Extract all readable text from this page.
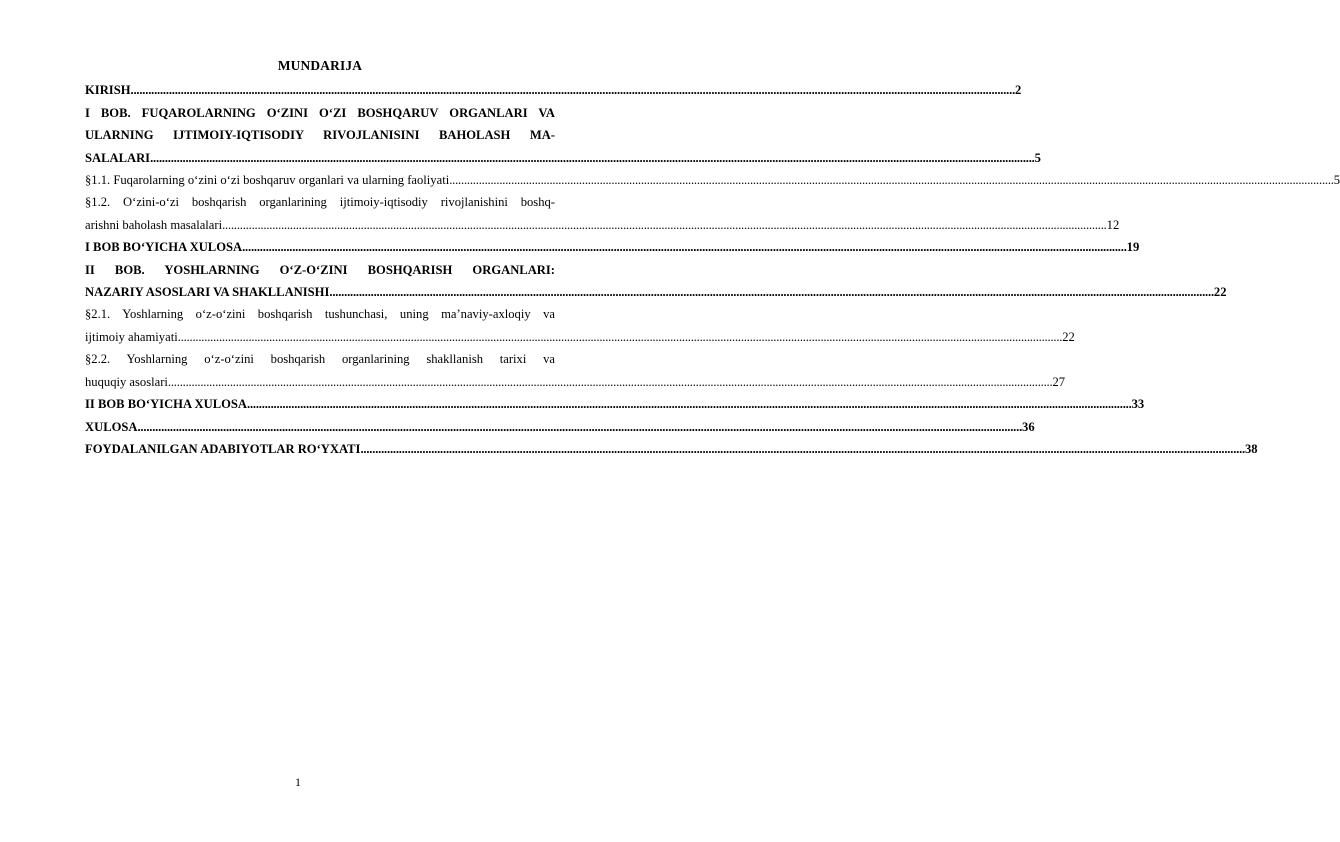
MUNDARIJA
KIRISH ............................................................................................................................................................................................................................................................................................................ 2
I BOB. FUQAROLARNING O‘ZINI O‘ZI BOSHQARUV ORGANLARI VA
ULARNING IJTIMOIY-IQTISODIY RIVOJLANISINI BAHOLASH MA-
SALALARI ............................................................................................................................................................................................................................................................................................................ 5
§1.1. Fuqarolarning o‘zini o‘zi boshqaruv organlari va ularning faoliyati ............................................................................................................................................................................................................................................................................................................ 5
§1.2. O‘zini-o‘zi boshqarish organlarining ijtimoiy-iqtisodiy rivojlanishini boshq-
arishni baholash masalalari ............................................................................................................................................................................................................................................................................................................ 12
I BOB BO‘YICHA XULOSA ............................................................................................................................................................................................................................................................................................................ 19
II BOB. YOSHLARNING O‘Z-O‘ZINI BOSHQARISH ORGANLARI:
NAZARIY ASOSLARI VA SHAKLLANISHI ............................................................................................................................................................................................................................................................................................................ 22
§2.1. Yoshlarning o‘z-o‘zini boshqarish tushunchasi, uning ma’naviy-axloqiy va
ijtimoiy ahamiyati ............................................................................................................................................................................................................................................................................................................ 22
§2.2. Yoshlarning o‘z-o‘zini boshqarish organlarining shakllanish tarixi va
huquqiy asoslari ............................................................................................................................................................................................................................................................................................................ 27
II BOB BO‘YICHA XULOSA ............................................................................................................................................................................................................................................................................................................ 33
XULOSA ............................................................................................................................................................................................................................................................................................................ 36
FOYDALANILGAN ADABIYOTLAR RO‘YXATI ............................................................................................................................................................................................................................................................................................................ 38
1
